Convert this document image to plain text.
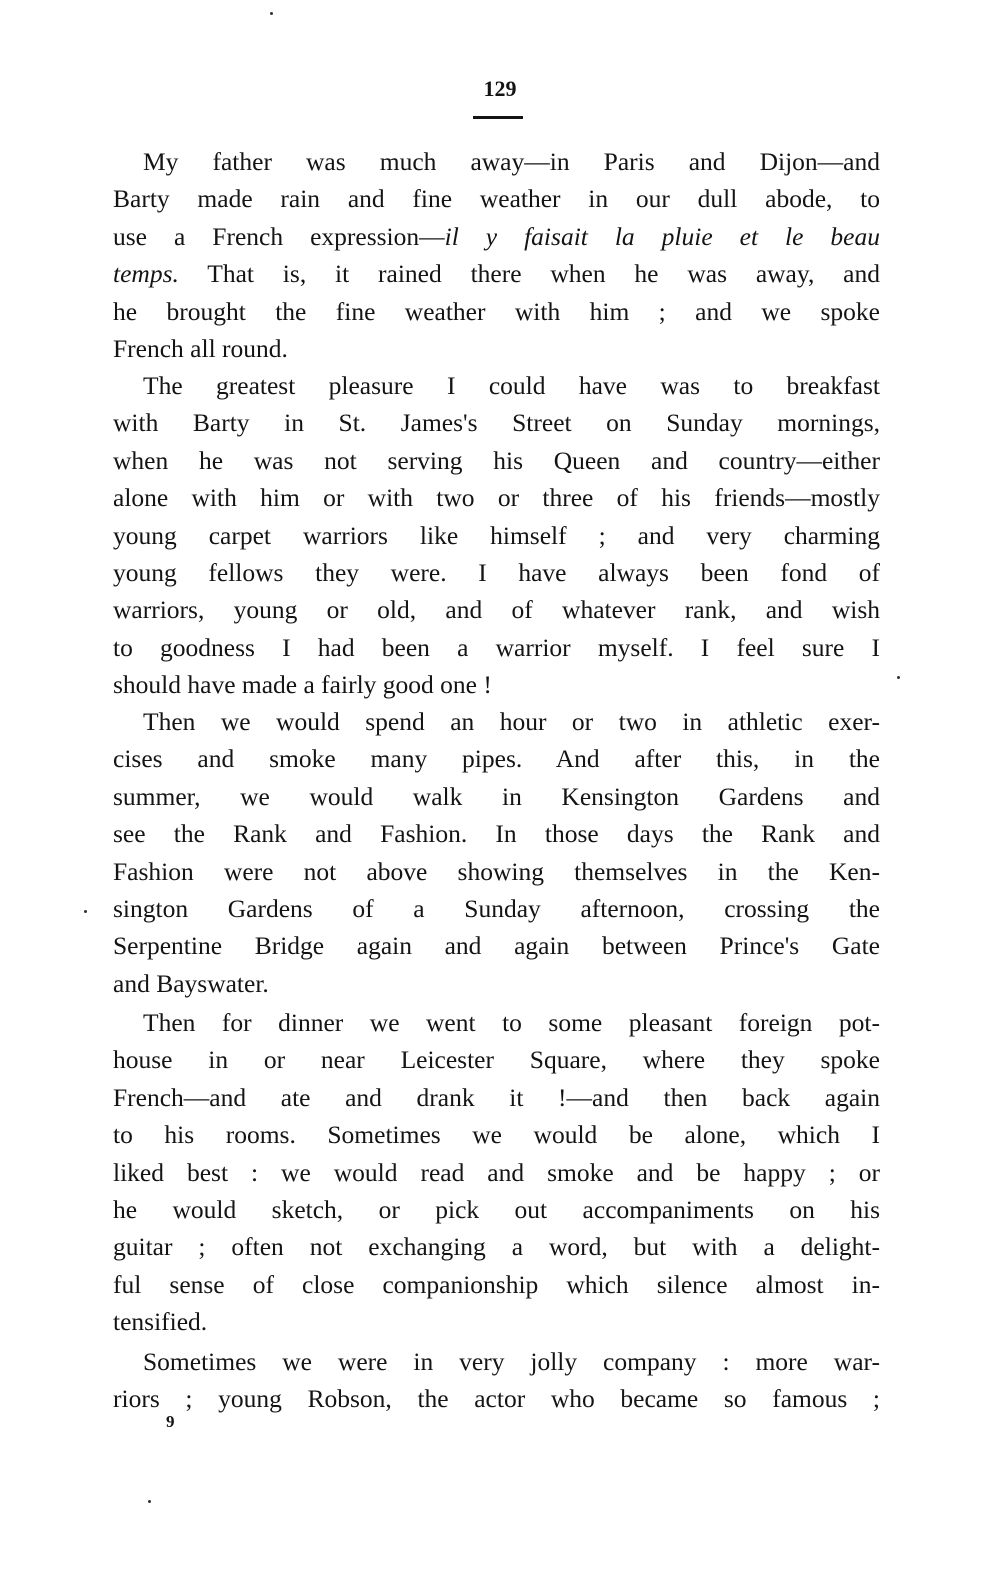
129
My father was much away—in Paris and Dijon—and
Barty made rain and fine weather in our dull abode, to
use a French expression—il y faisait la pluie et le beau
temps. That is, it rained there when he was away, and
he brought the fine weather with him ; and we spoke
French all round.
The greatest pleasure I could have was to breakfast
with Barty in St. James's Street on Sunday mornings,
when he was not serving his Queen and country—either
alone with him or with two or three of his friends—mostly
young carpet warriors like himself ; and very charming
young fellows they were. I have always been fond of
warriors, young or old, and of whatever rank, and wish
to goodness I had been a warrior myself. I feel sure I
should have made a fairly good one !
Then we would spend an hour or two in athletic exer-
cises and smoke many pipes. And after this, in the
summer, we would walk in Kensington Gardens and
see the Rank and Fashion. In those days the Rank and
Fashion were not above showing themselves in the Ken-
sington Gardens of a Sunday afternoon, crossing the
Serpentine Bridge again and again between Prince's Gate
and Bayswater.
Then for dinner we went to some pleasant foreign pot-
house in or near Leicester Square, where they spoke
French—and ate and drank it !—and then back again
to his rooms. Sometimes we would be alone, which I
liked best : we would read and smoke and be happy ; or
he would sketch, or pick out accompaniments on his
guitar ; often not exchanging a word, but with a delight-
ful sense of close companionship which silence almost in-
tensified.
Sometimes we were in very jolly company : more war-
riors ; young Robson, the actor who became so famous ;
9
